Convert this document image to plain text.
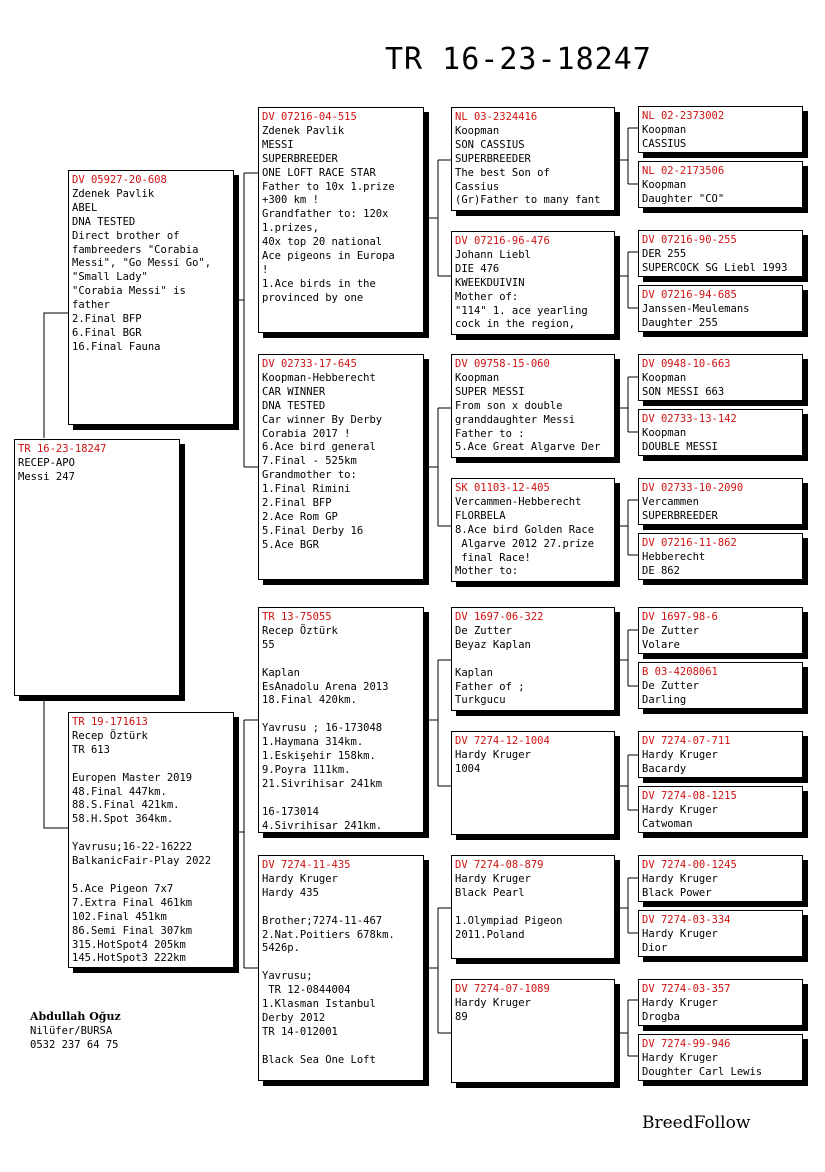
TR 16-23-18247
TR 16-23-18247
RECEP-APO
Messi 247
DV 05927-20-608
Zdenek Pavlik
ABEL
DNA TESTED
Direct brother of
fambreeders "Corabia
Messi", "Go Messi Go",
"Small Lady"
"Corabia Messi" is
father
2.Final BFP
6.Final BGR
16.Final Fauna
TR 19-171613
Recep Öztürk
TR 613

Europen Master 2019
48.Final 447km.
88.S.Final 421km.
58.H.Spot 364km.

Yavrusu;16-22-16222
BalkanicFair-Play 2022

5.Ace Pigeon 7x7
7.Extra Final 461km
102.Final 451km
86.Semi Final 307km
315.HotSpot4 205km
145.HotSpot3 222km
DV 07216-04-515
Zdenek Pavlik
MESSI
SUPERBREEDER
ONE LOFT RACE STAR
Father to 10x 1.prize
+300 km !
Grandfather to: 120x
1.prizes,
40x top 20 national
Ace pigeons in Europa
!
1.Ace birds in the
provinced by one
DV 02733-17-645
Koopman-Hebberecht
CAR WINNER
DNA TESTED
Car winner By Derby
Corabia 2017 !
6.Ace bird general
7.Final - 525km
Grandmother to:
1.Final Rimini
2.Final BFP
2.Ace Rom GP
5.Final Derby 16
5.Ace BGR
TR 13-75055
Recep Öztürk
55

Kaplan
EsAnadolu Arena 2013
18.Final 420km.

Yavrusu ; 16-173048
1.Haymana 314km.
1.Eskişehir 158km.
9.Poyra 111km.
21.Sivrihisar 241km

16-173014
4.Sivrihisar 241km.
DV 7274-11-435
Hardy Kruger
Hardy 435

Brother;7274-11-467
2.Nat.Poitiers 678km.
5426p.

Yavrusu;
TR 12-0844004
1.Klasman Istanbul
Derby 2012
TR 14-012001

Black Sea One Loft
NL 03-2324416
Koopman
SON CASSIUS
SUPERBREEDER
The best Son of
Cassius
(Gr)Father to many fant
DV 07216-96-476
Johann Liebl
DIE 476
KWEEKDUIVIN
Mother of:
"114" 1. ace yearling
cock in the region,
DV 09758-15-060
Koopman
SUPER MESSI
From son x double
granddaughter Messi
Father to :
5.Ace Great Algarve Der
SK 01103-12-405
Vercammen-Hebberecht
FLORBELA
8.Ace bird Golden Race
Algarve 2012 27.prize
final Race!
Mother to:
DV 1697-06-322
De Zutter
Beyaz Kaplan

Kaplan
Father of ;
Turkgucu
DV 7274-12-1004
Hardy Kruger
1004
DV 7274-08-879
Hardy Kruger
Black Pearl

1.Olympiad Pigeon
2011.Poland
DV 7274-07-1089
Hardy Kruger
89
NL 02-2373002
Koopman
CASSIUS
NL 02-2173506
Koopman
Daughter "CO"
DV 07216-90-255
DER 255
SUPERCOCK SG Liebl 1993
DV 07216-94-685
Janssen-Meulemans
Daughter 255
DV 0948-10-663
Koopman
SON MESSI 663
DV 02733-13-142
Koopman
DOUBLE MESSI
DV 02733-10-2090
Vercammen
SUPERBREEDER
DV 07216-11-862
Hebberecht
DE 862
DV 1697-98-6
De Zutter
Volare
B 03-4208061
De Zutter
Darling
DV 7274-07-711
Hardy Kruger
Bacardy
DV 7274-08-1215
Hardy Kruger
Catwoman
DV 7274-00-1245
Hardy Kruger
Black Power
DV 7274-03-334
Hardy Kruger
Dior
DV 7274-03-357
Hardy Kruger
Drogba
DV 7274-99-946
Hardy Kruger
Doughter Carl Lewis
Abdullah Oğuz
Nilüfer/BURSA
0532 237 64 75
BreedFollow
